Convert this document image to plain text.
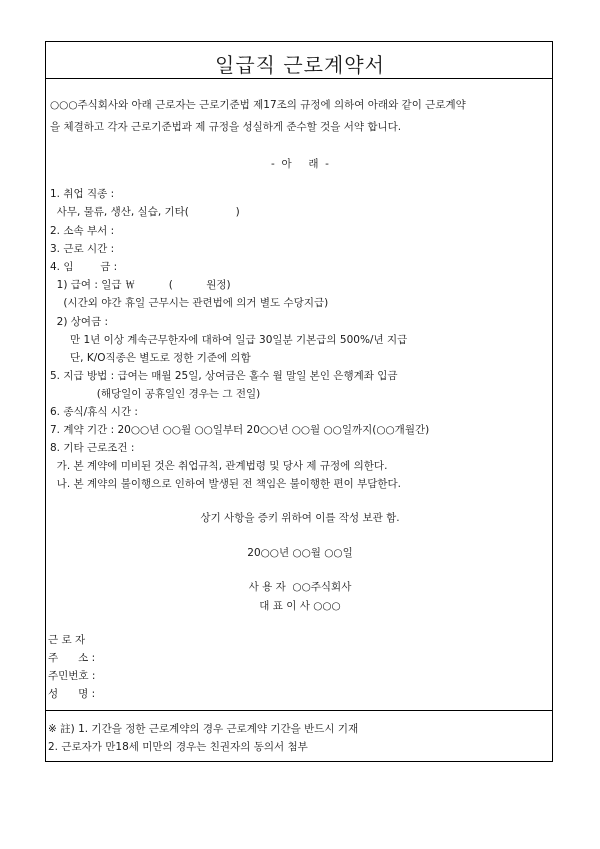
일급직 근로계약서
○○○주식회사와 아래 근로자는 근로기준법 제17조의 규정에 의하여 아래와 같이 근로계약
을 체결하고 각자 근로기준법과 제 규정을 성실하게 준수할 것을 서약 합니다.
-  아     래  -
1. 취업 직종 :
사무, 물류, 생산, 실습, 기타(              )
2. 소속 부서 :
3. 근로 시간 :
4. 임        금 :
1) 급여 : 일급 ￦          (          원정)
(시간외 야간 휴일 근무시는 관련법에 의거 별도 수당지급)
2) 상여금 :
만 1년 이상 계속근무한자에 대하여 일급 30일분 기본급의 500%/년 지급
단, K/O직종은 별도로 정한 기준에 의함
5. 지급 방법 : 급여는 매월 25일, 상여금은 홀수 월 말일 본인 은행계좌 입금
(해당일이 공휴일인 경우는 그 전일)
6. 종식/휴식 시간 :
7. 계약 기간 : 20○○년 ○○월 ○○일부터 20○○년 ○○월 ○○일까지(○○개월간)
8. 기타 근로조건 :
가. 본 계약에 미비된 것은 취업규칙, 관계법령 및 당사 제 규정에 의한다.
나. 본 계약의 불이행으로 인하여 발생된 전 책임은 불이행한 편이 부담한다.
상기 사항을 증키 위하여 이를 작성 보관 함.
20○○년 ○○월 ○○일
사 용 자  ○○주식회사
대 표 이 사 ○○○
근 로 자
주      소 :
주민번호 :
성      명 :
※ 註) 1. 기간을 정한 근로계약의 경우 근로계약 기간을 반드시 기재
2. 근로자가 만18세 미만의 경우는 친권자의 동의서 첨부
